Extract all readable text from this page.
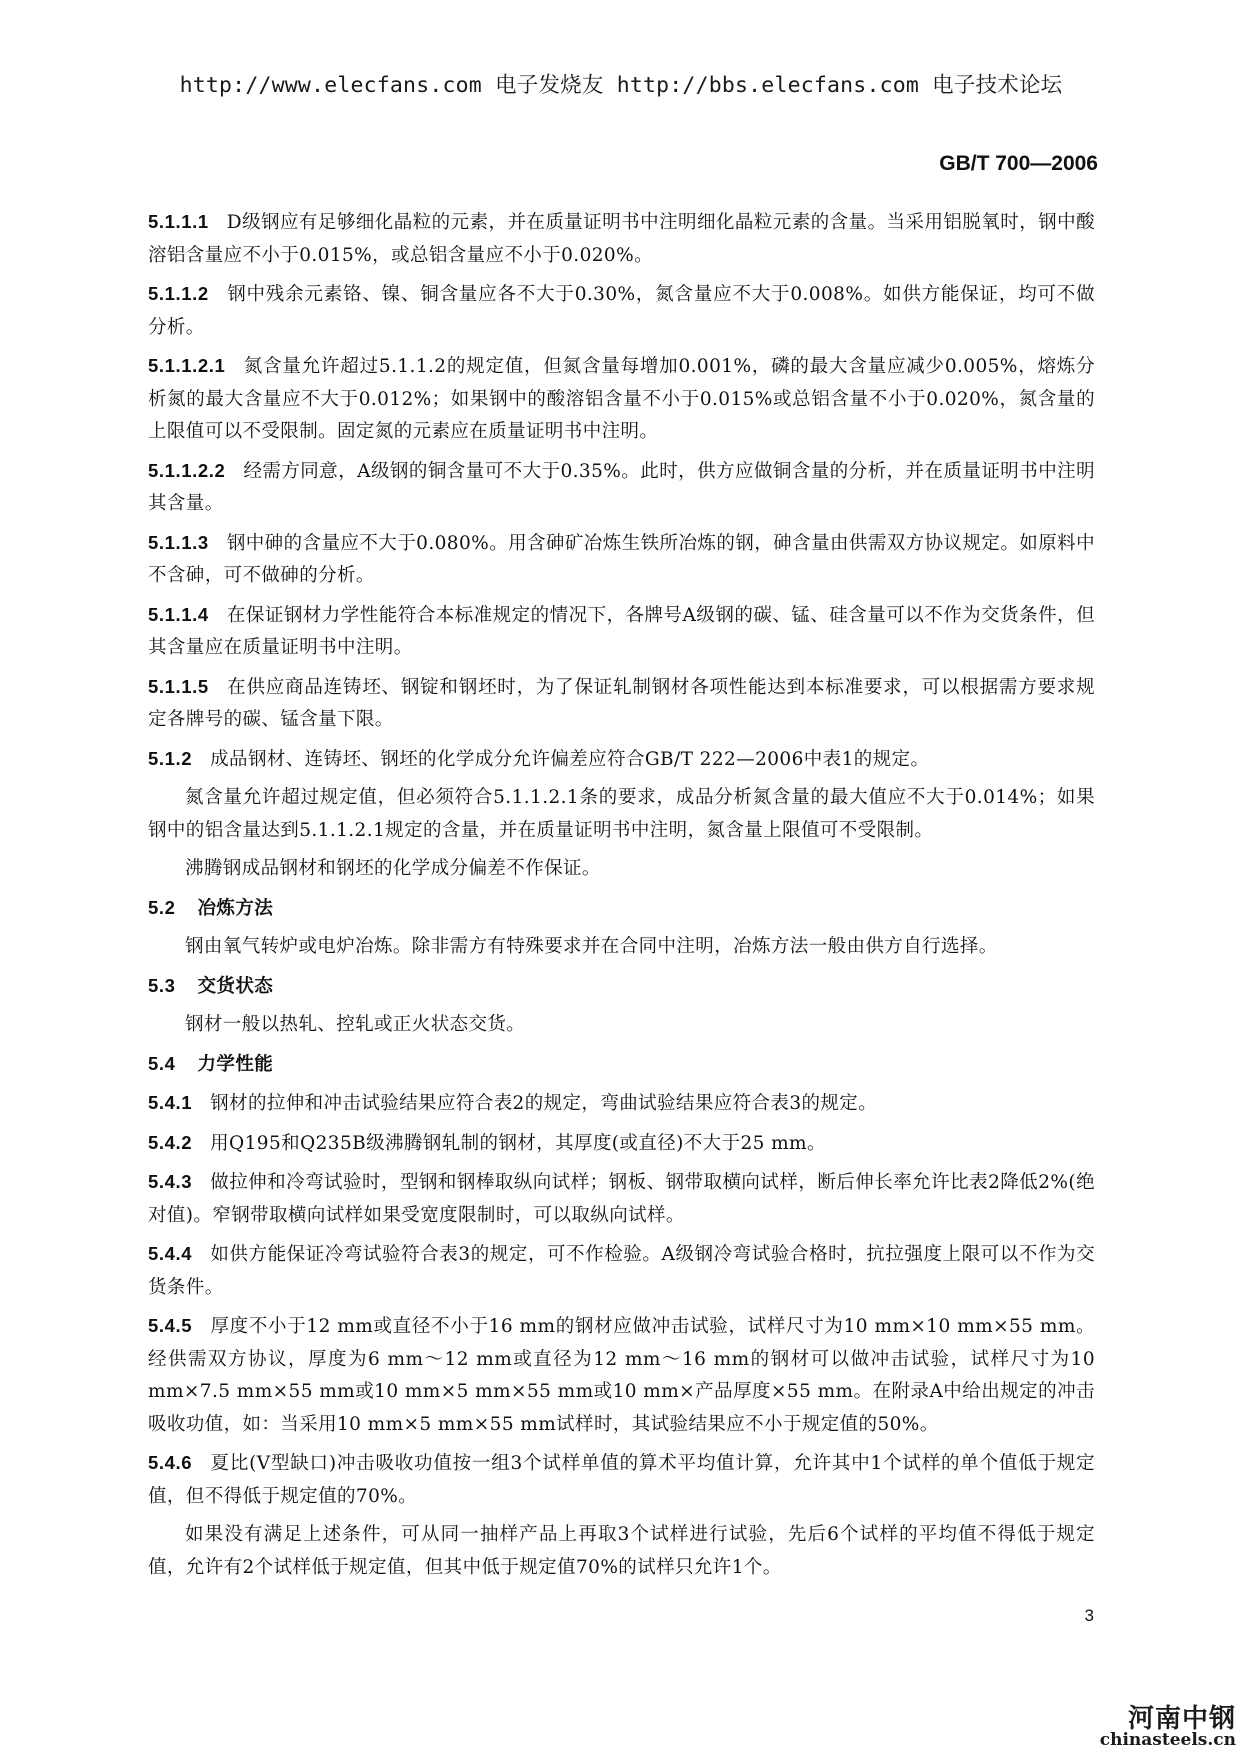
http://www.elecfans.com 电子发烧友 http://bbs.elecfans.com 电子技术论坛
GB/T 700—2006

5.1.1.1 D级钢应有足够细化晶粒的元素，并在质量证明书中注明细化晶粒元素的含量。当采用铝脱氧时，钢中酸溶铝含量应不小于0.015%，或总铝含量应不小于0.020%。

5.1.1.2 钢中残余元素铬、镍、铜含量应各不大于0.30%，氮含量应不大于0.008%。如供方能保证，均可不做分析。

5.1.1.2.1 氮含量允许超过5.1.1.2的规定值，但氮含量每增加0.001%，磷的最大含量应减少0.005%，熔炼分析氮的最大含量应不大于0.012%；如果钢中的酸溶铝含量不小于0.015%或总铝含量不小于0.020%，氮含量的上限值可以不受限制。固定氮的元素应在质量证明书中注明。

5.1.1.2.2 经需方同意，A级钢的铜含量可不大于0.35%。此时，供方应做铜含量的分析，并在质量证明书中注明其含量。

5.1.1.3 钢中砷的含量应不大于0.080%。用含砷矿冶炼生铁所冶炼的钢，砷含量由供需双方协议规定。如原料中不含砷，可不做砷的分析。

5.1.1.4 在保证钢材力学性能符合本标准规定的情况下，各牌号A级钢的碳、锰、硅含量可以不作为交货条件，但其含量应在质量证明书中注明。

5.1.1.5 在供应商品连铸坯、钢锭和钢坯时，为了保证轧制钢材各项性能达到本标准要求，可以根据需方要求规定各牌号的碳、锰含量下限。

5.1.2 成品钢材、连铸坯、钢坯的化学成分允许偏差应符合GB/T 222—2006中表1的规定。

氮含量允许超过规定值，但必须符合5.1.1.2.1条的要求，成品分析氮含量的最大值应不大于0.014%；如果钢中的铝含量达到5.1.1.2.1规定的含量，并在质量证明书中注明，氮含量上限值可不受限制。

沸腾钢成品钢材和钢坯的化学成分偏差不作保证。

5.2 冶炼方法

钢由氧气转炉或电炉冶炼。除非需方有特殊要求并在合同中注明，冶炼方法一般由供方自行选择。

5.3 交货状态

钢材一般以热轧、控轧或正火状态交货。

5.4 力学性能

5.4.1 钢材的拉伸和冲击试验结果应符合表2的规定，弯曲试验结果应符合表3的规定。

5.4.2 用Q195和Q235B级沸腾钢轧制的钢材，其厚度(或直径)不大于25 mm。

5.4.3 做拉伸和冷弯试验时，型钢和钢棒取纵向试样；钢板、钢带取横向试样，断后伸长率允许比表2降低2%(绝对值)。窄钢带取横向试样如果受宽度限制时，可以取纵向试样。

5.4.4 如供方能保证冷弯试验符合表3的规定，可不作检验。A级钢冷弯试验合格时，抗拉强度上限可以不作为交货条件。

5.4.5 厚度不小于12 mm或直径不小于16 mm的钢材应做冲击试验，试样尺寸为10 mm×10 mm×55 mm。经供需双方协议，厚度为6 mm～12 mm或直径为12 mm～16 mm的钢材可以做冲击试验，试样尺寸为10 mm×7.5 mm×55 mm或10 mm×5 mm×55 mm或10 mm×产品厚度×55 mm。在附录A中给出规定的冲击吸收功值，如：当采用10 mm×5 mm×55 mm试样时，其试验结果应不小于规定值的50%。

5.4.6 夏比(V型缺口)冲击吸收功值按一组3个试样单值的算术平均值计算，允许其中1个试样的单个值低于规定值，但不得低于规定值的70%。

如果没有满足上述条件，可从同一抽样产品上再取3个试样进行试验，先后6个试样的平均值不得低于规定值，允许有2个试样低于规定值，但其中低于规定值70%的试样只允许1个。

3
河南中钢
chinasteels.cn
